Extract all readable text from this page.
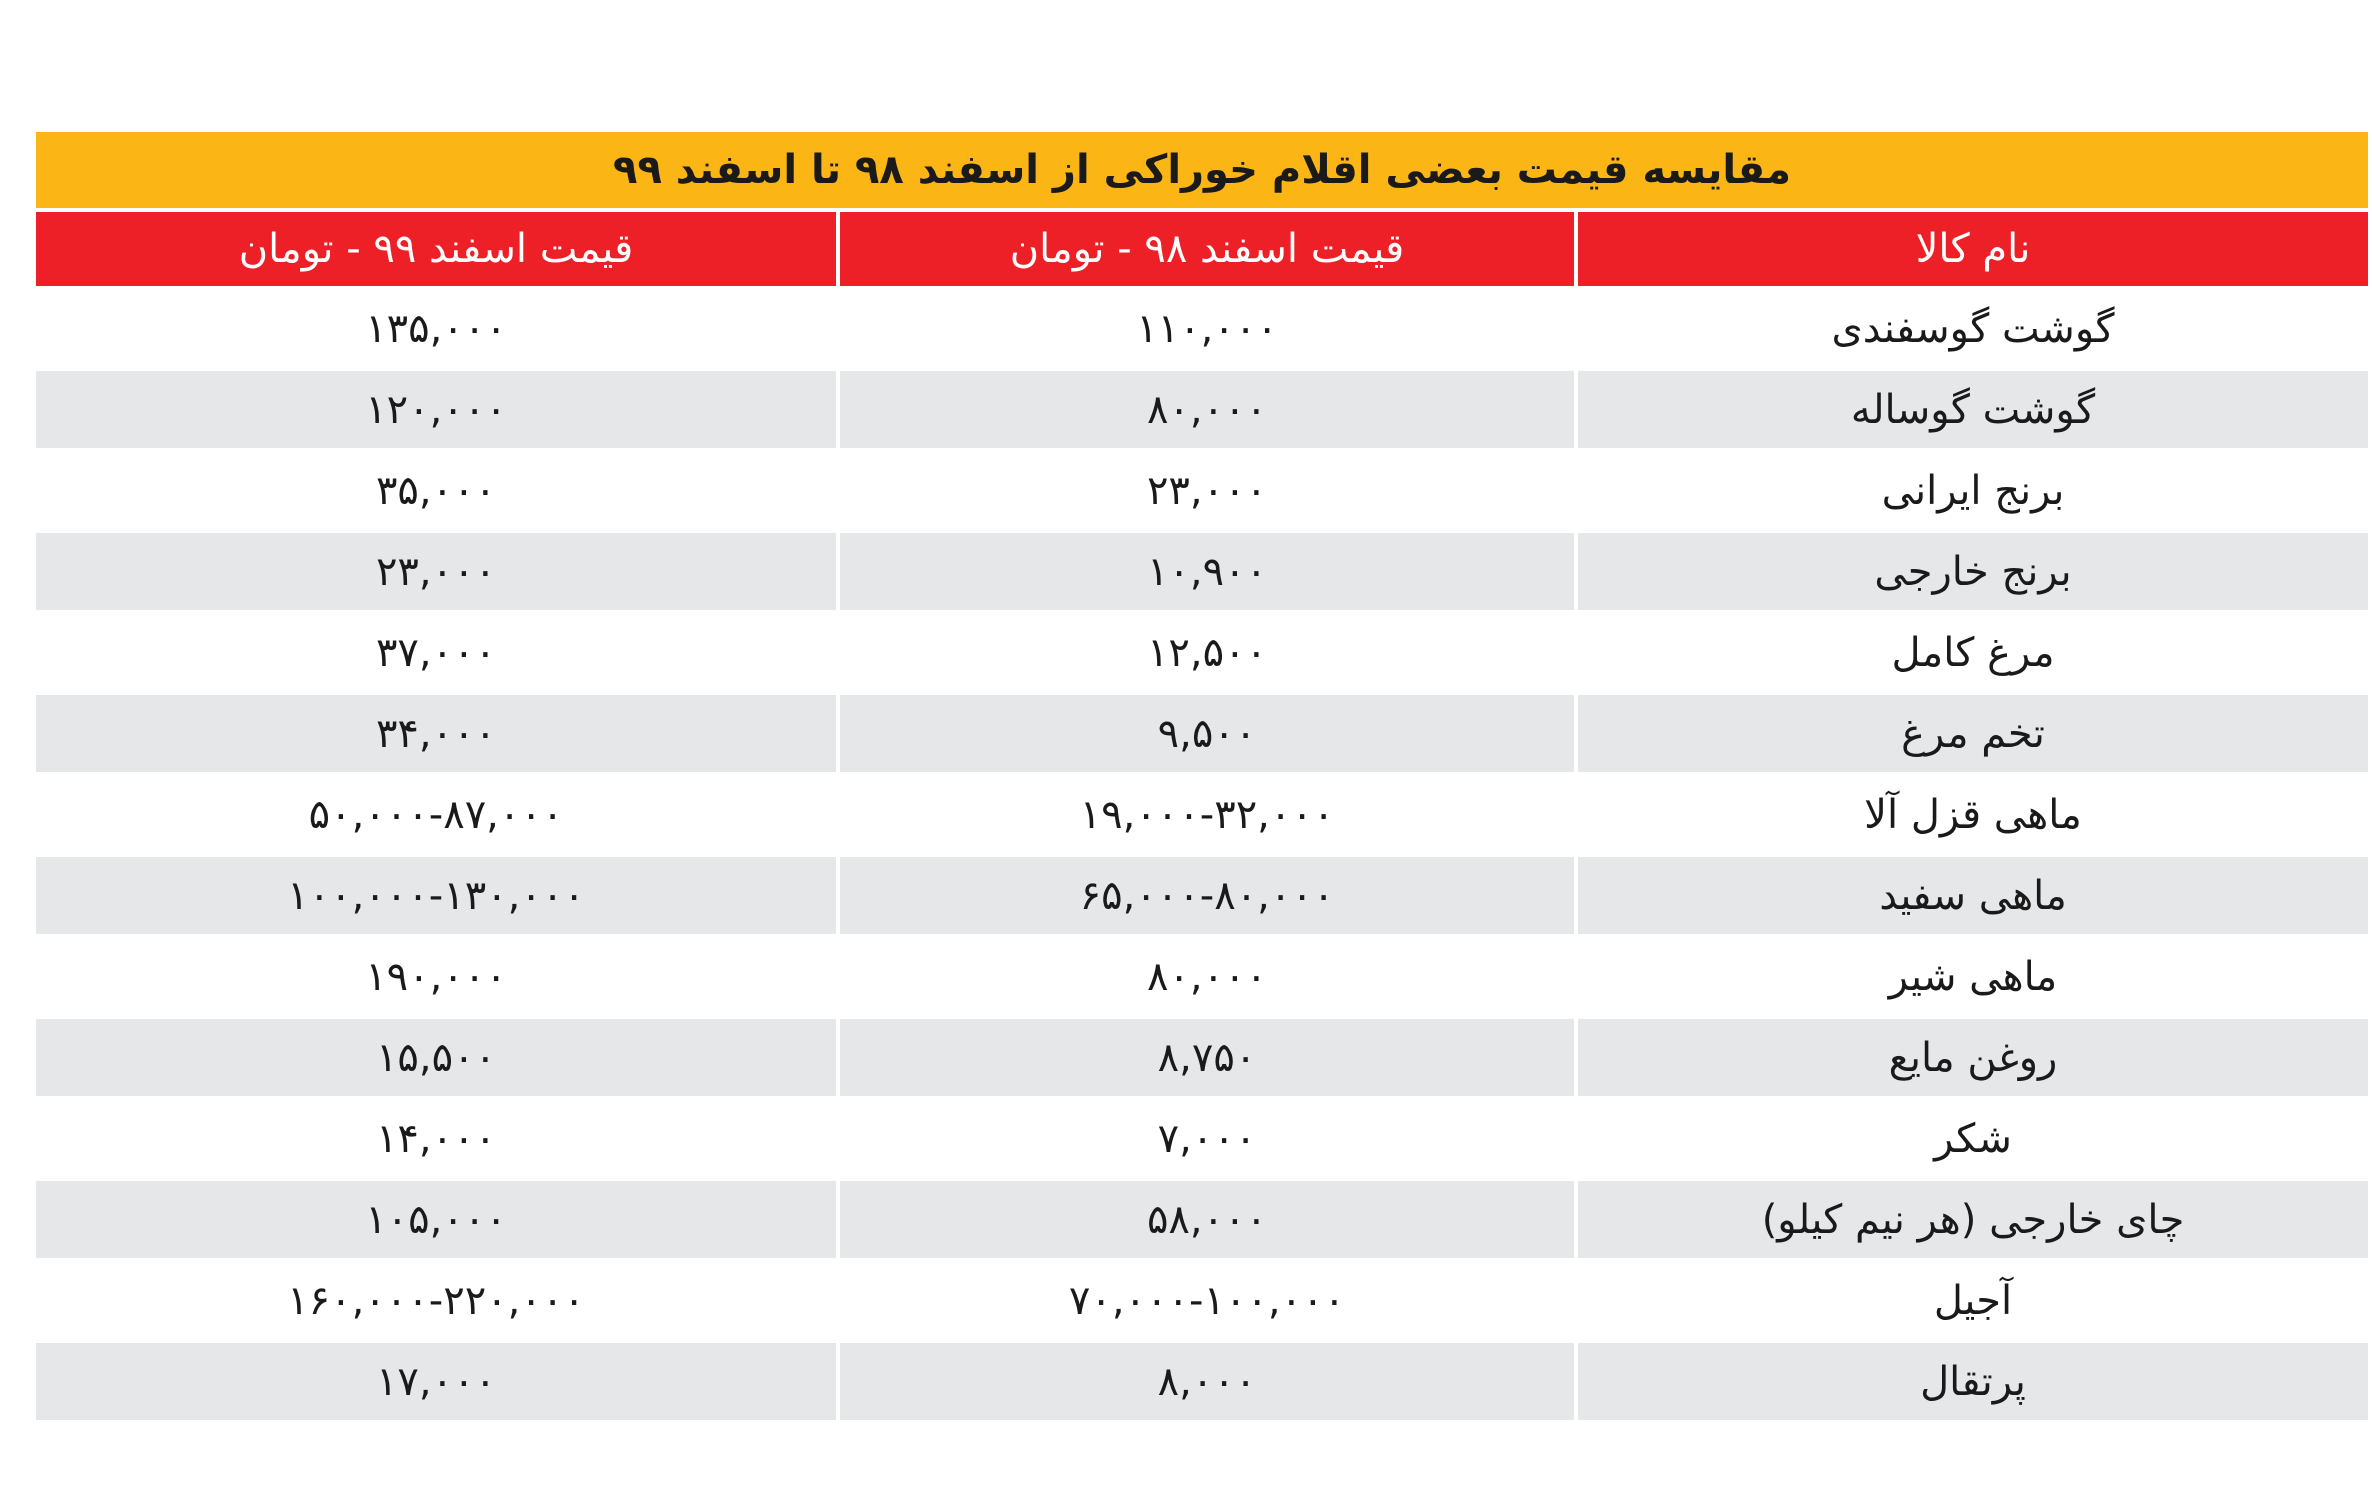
مقایسه قیمت بعضی اقلام خوراکی از اسفند ۹۸ تا اسفند ۹۹
نام کالا
قیمت اسفند ۹۸ - تومان
قیمت اسفند ۹۹ - تومان
گوشت گوسفندی
۱۱۰,۰۰۰
۱۳۵,۰۰۰
گوشت گوساله
۸۰,۰۰۰
۱۲۰,۰۰۰
برنج ایرانی
۲۳,۰۰۰
۳۵,۰۰۰
برنج خارجی
۱۰,۹۰۰
۲۳,۰۰۰
مرغ کامل
۱۲,۵۰۰
۳۷,۰۰۰
تخم مرغ
۹,۵۰۰
۳۴,۰۰۰
ماهی قزل آلا
۱۹,۰۰۰-۳۲,۰۰۰
۵۰,۰۰۰-۸۷,۰۰۰
ماهی سفید
۶۵,۰۰۰-۸۰,۰۰۰
۱۰۰,۰۰۰-۱۳۰,۰۰۰
ماهی شیر
۸۰,۰۰۰
۱۹۰,۰۰۰
روغن مایع
۸,۷۵۰
۱۵,۵۰۰
شکر
۷,۰۰۰
۱۴,۰۰۰
چای خارجی (هر نیم کیلو)
۵۸,۰۰۰
۱۰۵,۰۰۰
آجیل
۷۰,۰۰۰-۱۰۰,۰۰۰
۱۶۰,۰۰۰-۲۲۰,۰۰۰
پرتقال
۸,۰۰۰
۱۷,۰۰۰
